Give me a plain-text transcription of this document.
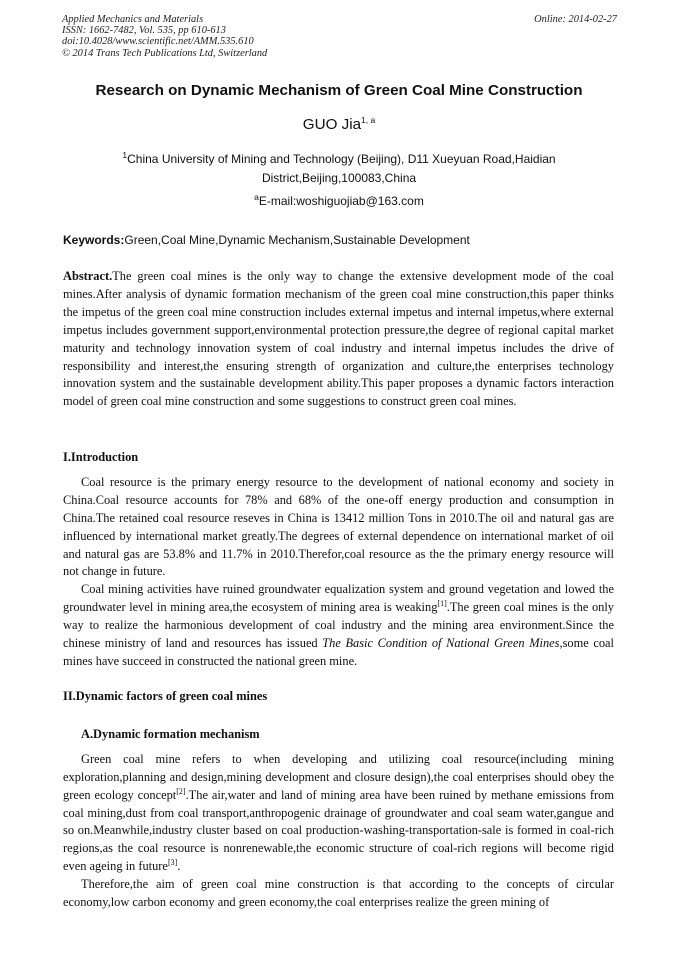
Applied Mechanics and Materials
ISSN: 1662-7482, Vol. 535, pp 610-613
doi:10.4028/www.scientific.net/AMM.535.610
© 2014 Trans Tech Publications Ltd, Switzerland
Online: 2014-02-27
Research on Dynamic Mechanism of Green Coal Mine Construction
GUO Jia$^{1, a}$
$^1$China University of Mining and Technology (Beijing), D11 Xueyuan Road,Haidian District,Beijing,100083,China
$^a$E-mail:woshiguojiab@163.com
Keywords:Green,Coal Mine,Dynamic Mechanism,Sustainable Development

Abstract.The green coal mines is the only way to change the extensive development mode of the coal mines.After analysis of dynamic formation mechanism of the green coal mine construction,this paper thinks the impetus of the green coal mine construction includes external impetus and internal impetus,where external impetus includes government support,environmental protection pressure,the degree of regional capital market maturity and technology innovation system of coal industry and internal impetus includes the drive of responsibility and interest,the ensuring strength of organization and culture,the enterprises technology innovation system and the sustainable development ability.This paper proposes a dynamic factors interaction model of green coal mine construction and some suggestions to construct green coal mines.

I.Introduction

Coal resource is the primary energy resource to the development of national economy and society in China.Coal resource accounts for 78% and 68% of the one-off energy production and consumption in China.The retained coal resource reseves in China is 13412 million Tons in 2010.The oil and natural gas are influenced by international market greatly.The degrees of external dependence on international market of oil and natural gas are 53.8% and 11.7% in 2010.Therefor,coal resource as the the primary energy resource will not change in future.

Coal mining activities have ruined groundwater equalization system and ground vegetation and lowed the groundwater level in mining area,the ecosystem of mining area is weaking[1].The green coal mines is the only way to realize the harmonious development of coal industry and the mining area environment.Since the chinese ministry of land and resources has issued The Basic Condition of National Green Mines,some coal mines have succeed in constructed the national green mine.

II.Dynamic factors of green coal mines

A.Dynamic formation mechanism

Green coal mine refers to when developing and utilizing coal resource(including mining exploration,planning and design,mining development and closure design),the coal enterprises should obey the green ecology concept[2].The air,water and land of mining area have been ruined by methane emissions from coal mining,dust from coal transport,anthropogenic drainage of groundwater and coal seam water,gangue and so on.Meanwhile,industry cluster based on coal production-washing-transportation-sale is formed in coal-rich regions,as the coal resource is nonrenewable,the economic structure of coal-rich regions will become rigid even ageing in future[3].

Therefore,the aim of green coal mine construction is that according to the concepts of circular economy,low carbon economy and green economy,the coal enterprises realize the green mining of
